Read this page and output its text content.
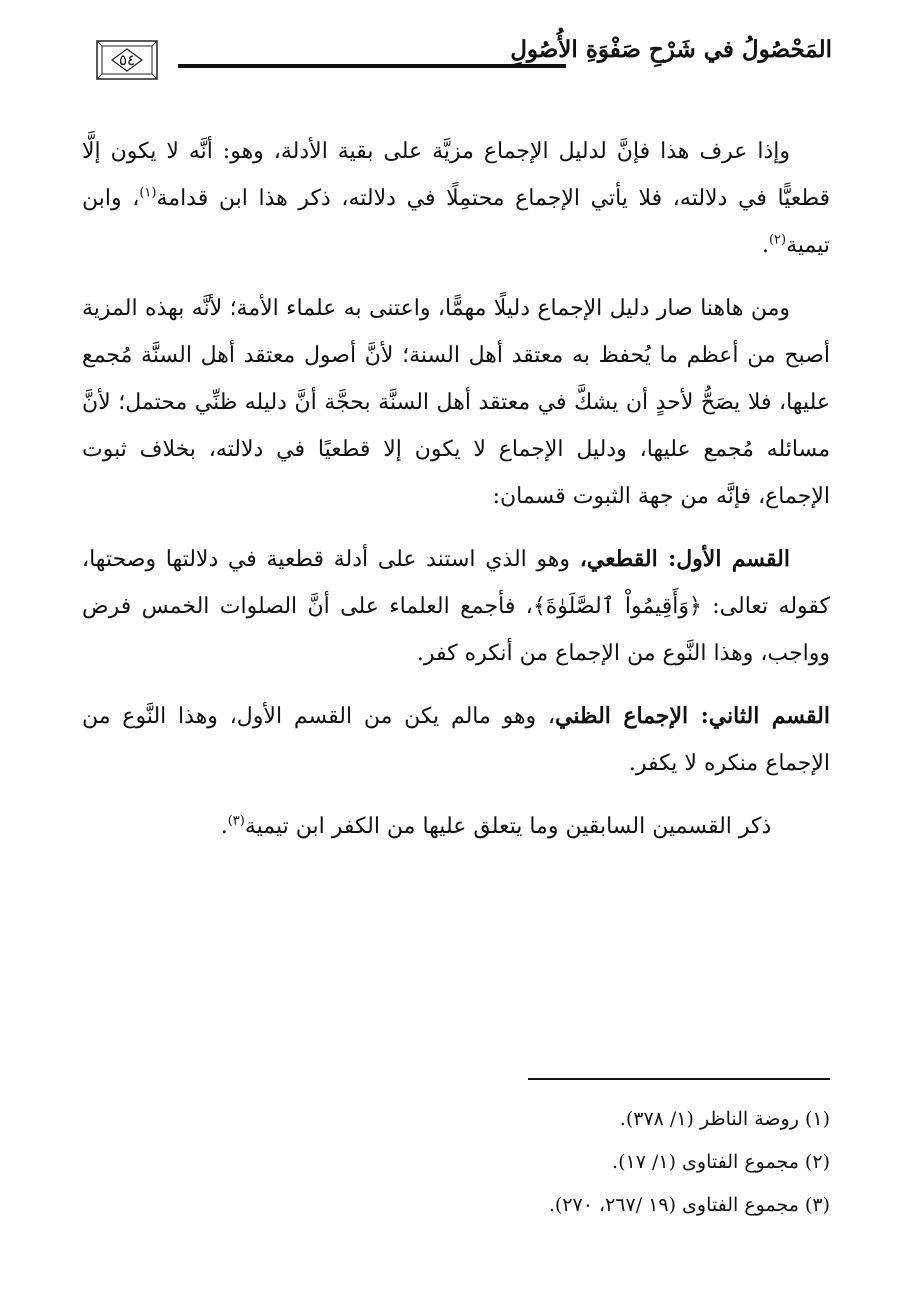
٥٤	المَحْصُولُ في شَرْحِ صَفْوَةِ الأُصُولِ

وإذا عرف هذا فإنَّ لدليل الإجماع مزيَّة على بقية الأدلة، وهو: أنَّه لا يكون إلَّا قطعيًّا في دلالته، فلا يأتي الإجماع محتمِلًا في دلالته، ذكر هذا ابن قدامة$^{(١)}$، وابن تيمية$^{(٢)}$.

ومن هاهنا صار دليل الإجماع دليلًا مهمًّا، واعتنى به علماء الأمة؛ لأنَّه بهذه المزية أصبح من أعظم ما يُحفظ به معتقد أهل السنة؛ لأنَّ أصول معتقد أهل السنَّة مُجمع عليها، فلا يصَحُّ لأحدٍ أن يشكَّ في معتقد أهل السنَّة بحجَّة أنَّ دليله ظنِّي محتمل؛ لأنَّ مسائله مُجمع عليها، ودليل الإجماع لا يكون إلا قطعيًا في دلالته، بخلاف ثبوت الإجماع، فإنَّه من جهة الثبوت قسمان:

القسم الأول: القطعي، وهو الذي استند على أدلة قطعية في دلالتها وصحتها، كقوله تعالى: ﴿وَأَقِيمُواْ ٱلصَّلَوٰةَ﴾، فأجمع العلماء على أنَّ الصلوات الخمس فرض وواجب، وهذا النَّوع من الإجماع من أنكره كفر.

القسم الثاني: الإجماع الظني، وهو مالم يكن من القسم الأول، وهذا النَّوع من الإجماع منكره لا يكفر.

ذكر القسمين السابقين وما يتعلق عليها من الكفر ابن تيمية$^{(٣)}$.

(١) روضة الناظر (١/ ٣٧٨).

(٢) مجموع الفتاوى (١/ ١٧).

(٣) مجموع الفتاوى (١٩ /٢٦٧، ٢٧٠).
